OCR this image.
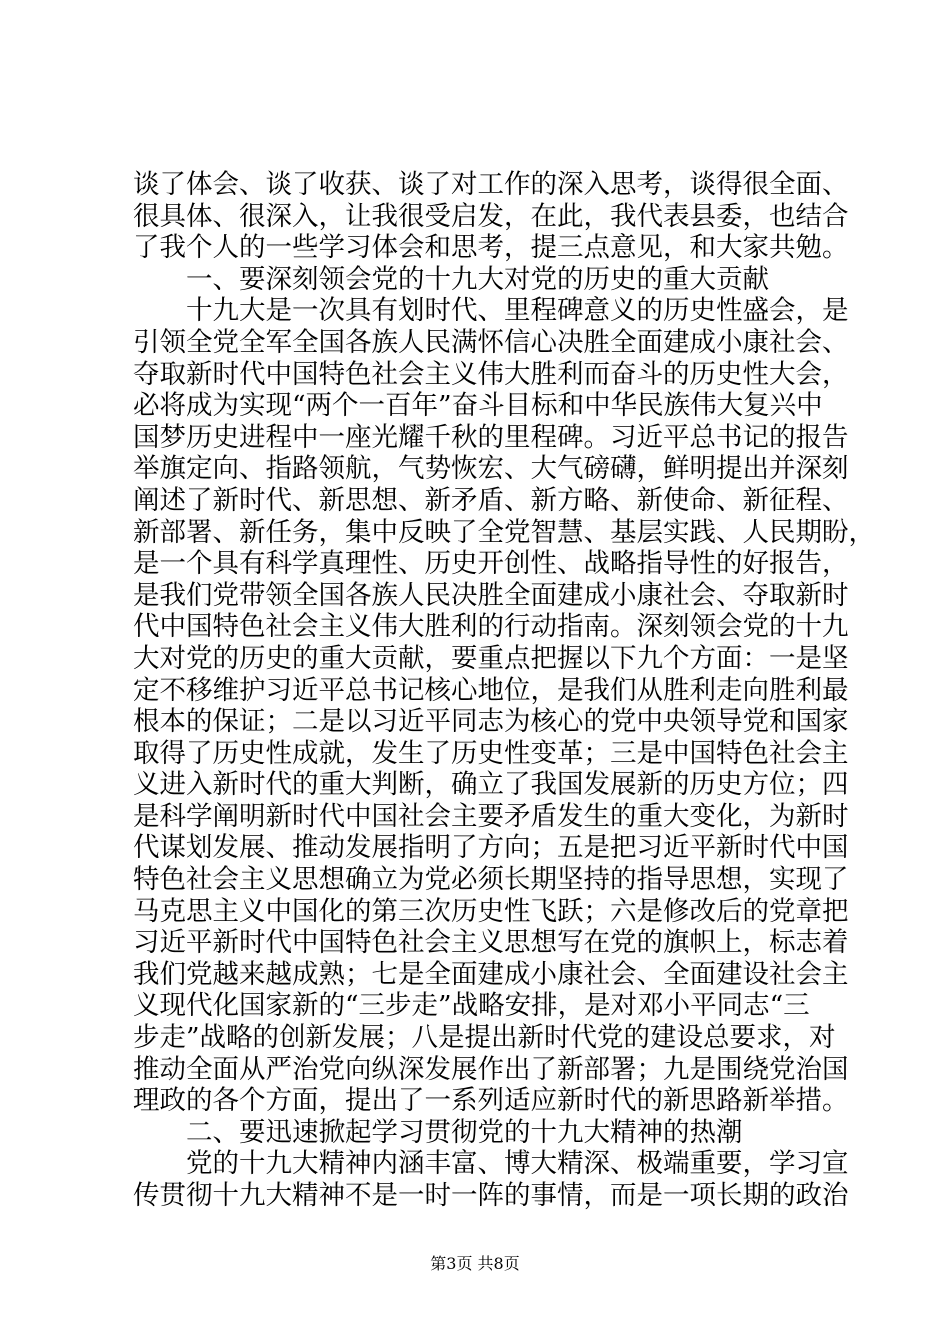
谈了体会、谈了收获、谈了对工作的深入思考，谈得很全面、
很具体、很深入，让我很受启发，在此，我代表县委，也结合
了我个人的一些学习体会和思考，提三点意见，和大家共勉。
一、要深刻领会党的十九大对党的历史的重大贡献
十九大是一次具有划时代、里程碑意义的历史性盛会，是
引领全党全军全国各族人民满怀信心决胜全面建成小康社会、
夺取新时代中国特色社会主义伟大胜利而奋斗的历史性大会，
必将成为实现“两个一百年”奋斗目标和中华民族伟大复兴中
国梦历史进程中一座光耀千秋的里程碑。习近平总书记的报告
举旗定向、指路领航，气势恢宏、大气磅礴，鲜明提出并深刻
阐述了新时代、新思想、新矛盾、新方略、新使命、新征程、
新部署、新任务，集中反映了全党智慧、基层实践、人民期盼，
是一个具有科学真理性、历史开创性、战略指导性的好报告，
是我们党带领全国各族人民决胜全面建成小康社会、夺取新时
代中国特色社会主义伟大胜利的行动指南。深刻领会党的十九
大对党的历史的重大贡献，要重点把握以下九个方面：一是坚
定不移维护习近平总书记核心地位，是我们从胜利走向胜利最
根本的保证；二是以习近平同志为核心的党中央领导党和国家
取得了历史性成就，发生了历史性变革；三是中国特色社会主
义进入新时代的重大判断，确立了我国发展新的历史方位；四
是科学阐明新时代中国社会主要矛盾发生的重大变化，为新时
代谋划发展、推动发展指明了方向；五是把习近平新时代中国
特色社会主义思想确立为党必须长期坚持的指导思想，实现了
马克思主义中国化的第三次历史性飞跃；六是修改后的党章把
习近平新时代中国特色社会主义思想写在党的旗帜上，标志着
我们党越来越成熟；七是全面建成小康社会、全面建设社会主
义现代化国家新的“三步走”战略安排，是对邓小平同志“三
步走”战略的创新发展；八是提出新时代党的建设总要求，对
推动全面从严治党向纵深发展作出了新部署；九是围绕党治国
理政的各个方面，提出了一系列适应新时代的新思路新举措。
二、要迅速掀起学习贯彻党的十九大精神的热潮
党的十九大精神内涵丰富、博大精深、极端重要，学习宣
传贯彻十九大精神不是一时一阵的事情，而是一项长期的政治
第3页 共8页
